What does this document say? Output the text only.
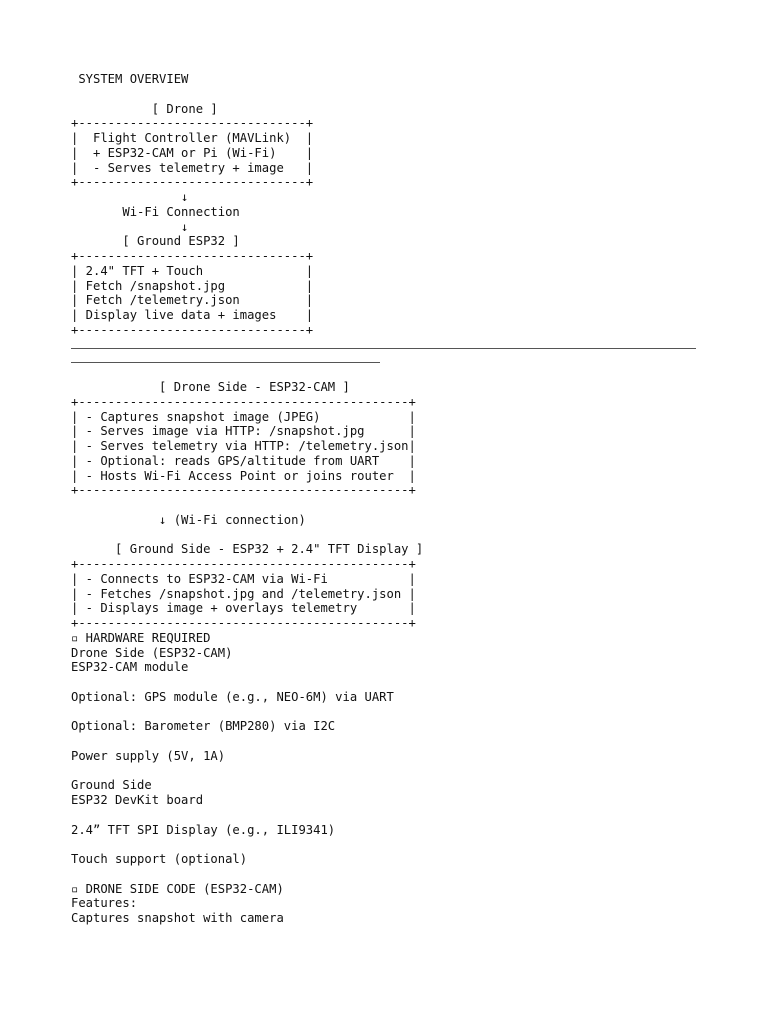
SYSTEM OVERVIEW

[ Drone ]
+-------------------------------+
|  Flight Controller (MAVLink)  |
|  + ESP32-CAM or Pi (Wi-Fi)    |
|  - Serves telemetry + image   |
+-------------------------------+
↓
Wi-Fi Connection
↓
[ Ground ESP32 ]
+-------------------------------+
| 2.4" TFT + Touch              |
| Fetch /snapshot.jpg           |
| Fetch /telemetry.json         |
| Display live data + images    |
+-------------------------------+
[ Drone Side - ESP32-CAM ]
+---------------------------------------------+
| - Captures snapshot image (JPEG)            |
| - Serves image via HTTP: /snapshot.jpg      |
| - Serves telemetry via HTTP: /telemetry.json|
| - Optional: reads GPS/altitude from UART    |
| - Hosts Wi-Fi Access Point or joins router  |
+---------------------------------------------+

↓ (Wi-Fi connection)

[ Ground Side - ESP32 + 2.4" TFT Display ]
+---------------------------------------------+
| - Connects to ESP32-CAM via Wi-Fi           |
| - Fetches /snapshot.jpg and /telemetry.json |
| - Displays image + overlays telemetry       |
+---------------------------------------------+
▫ HARDWARE REQUIRED
Drone Side (ESP32-CAM)
ESP32-CAM module

Optional: GPS module (e.g., NEO-6M) via UART

Optional: Barometer (BMP280) via I2C

Power supply (5V, 1A)

Ground Side
ESP32 DevKit board

2.4” TFT SPI Display (e.g., ILI9341)

Touch support (optional)

▫ DRONE SIDE CODE (ESP32-CAM)
Features:
Captures snapshot with camera
